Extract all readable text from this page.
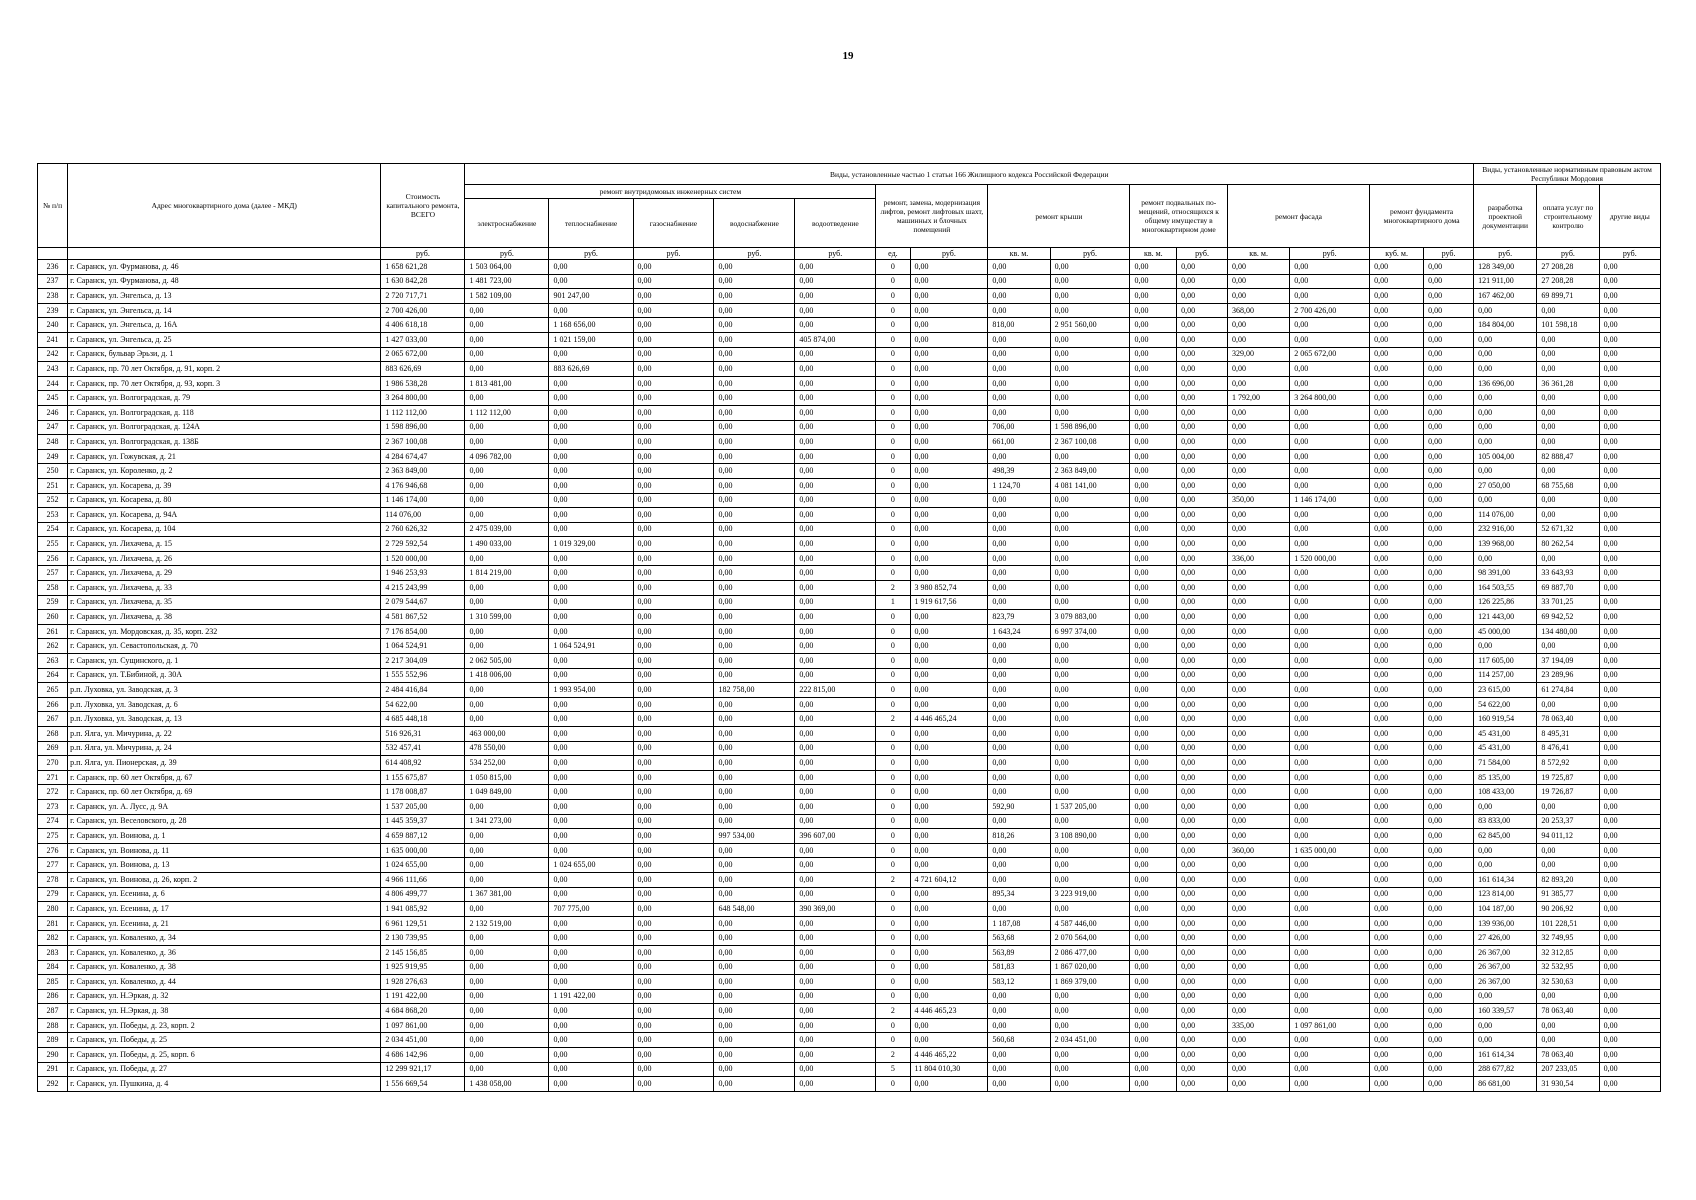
19
№ п/п	Адрес многоквартирного дома (далее - МКД)	Стоимость капитального ремонта, ВСЕГО	Виды, установленные частью 1 статьи 166 Жилищного кодекса Российской Федерации															Виды, установленные нормативным правовым актом Республики Мордовия		
			ремонт внутридомовых инженерных систем					ремонт, замена, модернизация лифтов, ремонт лифтовых шахт, машинных и блочных помещений		ремонт крыши		ремонт подвальных по-мещений, относящихся к общему имуществу в многоквартирном доме		ремонт фасада		ремонт фундамента многоквартирного дома		разработка проектной документации	оплата услуг по строительному контролю	другие виды
			электроснабжение	теплоснабжение	газоснабжение	водоснабжение	водоотведение													
		руб.	руб.	руб.	руб.	руб.	руб.	ед.	руб.	кв. м.	руб.	кв. м.	руб.	кв. м.	руб.	куб. м.	руб.	руб.	руб.	руб.
236	г. Саранск, ул. Фурманова, д. 46	1 658 621,28	1 503 064,00	0,00	0,00	0,00	0,00	0	0,00	0,00	0,00	0,00	0,00	0,00	0,00	0,00	0,00	128 349,00	27 208,28	0,00
237	г. Саранск, ул. Фурманова, д. 48	1 630 842,28	1 481 723,00	0,00	0,00	0,00	0,00	0	0,00	0,00	0,00	0,00	0,00	0,00	0,00	0,00	0,00	121 911,00	27 208,28	0,00
238	г. Саранск, ул. Энгельса, д. 13	2 720 717,71	1 582 109,00	901 247,00	0,00	0,00	0,00	0	0,00	0,00	0,00	0,00	0,00	0,00	0,00	0,00	0,00	167 462,00	69 899,71	0,00
239	г. Саранск, ул. Энгельса, д. 14	2 700 426,00	0,00	0,00	0,00	0,00	0,00	0	0,00	0,00	0,00	0,00	0,00	368,00	2 700 426,00	0,00	0,00	0,00	0,00	0,00
240	г. Саранск, ул. Энгельса, д. 16А	4 406 618,18	0,00	1 168 656,00	0,00	0,00	0,00	0	0,00	818,00	2 951 560,00	0,00	0,00	0,00	0,00	0,00	0,00	184 804,00	101 598,18	0,00
241	г. Саранск, ул. Энгельса, д. 25	1 427 033,00	0,00	1 021 159,00	0,00	0,00	405 874,00	0	0,00	0,00	0,00	0,00	0,00	0,00	0,00	0,00	0,00	0,00	0,00	0,00
242	г. Саранск, бульвар Эрьзи, д. 1	2 065 672,00	0,00	0,00	0,00	0,00	0,00	0	0,00	0,00	0,00	0,00	0,00	329,00	2 065 672,00	0,00	0,00	0,00	0,00	0,00
243	г. Саранск, пр. 70 лет Октября, д. 91, корп. 2	883 626,69	0,00	883 626,69	0,00	0,00	0,00	0	0,00	0,00	0,00	0,00	0,00	0,00	0,00	0,00	0,00	0,00	0,00	0,00
244	г. Саранск, пр. 70 лет Октября, д. 93, корп. 3	1 986 538,28	1 813 481,00	0,00	0,00	0,00	0,00	0	0,00	0,00	0,00	0,00	0,00	0,00	0,00	0,00	0,00	136 696,00	36 361,28	0,00
245	г. Саранск, ул. Волгоградская, д. 79	3 264 800,00	0,00	0,00	0,00	0,00	0,00	0	0,00	0,00	0,00	0,00	0,00	1 792,00	3 264 800,00	0,00	0,00	0,00	0,00	0,00
246	г. Саранск, ул. Волгоградская, д. 118	1 112 112,00	1 112 112,00	0,00	0,00	0,00	0,00	0	0,00	0,00	0,00	0,00	0,00	0,00	0,00	0,00	0,00	0,00	0,00	0,00
247	г. Саранск, ул. Волгоградская, д. 124А	1 598 896,00	0,00	0,00	0,00	0,00	0,00	0	0,00	706,00	1 598 896,00	0,00	0,00	0,00	0,00	0,00	0,00	0,00	0,00	0,00
248	г. Саранск, ул. Волгоградская, д. 138Б	2 367 100,08	0,00	0,00	0,00	0,00	0,00	0	0,00	661,00	2 367 100,08	0,00	0,00	0,00	0,00	0,00	0,00	0,00	0,00	0,00
249	г. Саранск, ул. Гожувская, д. 21	4 284 674,47	4 096 782,00	0,00	0,00	0,00	0,00	0	0,00	0,00	0,00	0,00	0,00	0,00	0,00	0,00	0,00	105 004,00	82 888,47	0,00
250	г. Саранск, ул. Короленко, д. 2	2 363 849,00	0,00	0,00	0,00	0,00	0,00	0	0,00	498,39	2 363 849,00	0,00	0,00	0,00	0,00	0,00	0,00	0,00	0,00	0,00
251	г. Саранск, ул. Косарева, д. 39	4 176 946,68	0,00	0,00	0,00	0,00	0,00	0	0,00	1 124,70	4 081 141,00	0,00	0,00	0,00	0,00	0,00	0,00	27 050,00	68 755,68	0,00
252	г. Саранск, ул. Косарева, д. 80	1 146 174,00	0,00	0,00	0,00	0,00	0,00	0	0,00	0,00	0,00	0,00	0,00	350,00	1 146 174,00	0,00	0,00	0,00	0,00	0,00
253	г. Саранск, ул. Косарева, д. 94А	114 076,00	0,00	0,00	0,00	0,00	0,00	0	0,00	0,00	0,00	0,00	0,00	0,00	0,00	0,00	0,00	114 076,00	0,00	0,00
254	г. Саранск, ул. Косарева, д. 104	2 760 626,32	2 475 039,00	0,00	0,00	0,00	0,00	0	0,00	0,00	0,00	0,00	0,00	0,00	0,00	0,00	0,00	232 916,00	52 671,32	0,00
255	г. Саранск, ул. Лихачева, д. 15	2 729 592,54	1 490 033,00	1 019 329,00	0,00	0,00	0,00	0	0,00	0,00	0,00	0,00	0,00	0,00	0,00	0,00	0,00	139 968,00	80 262,54	0,00
256	г. Саранск, ул. Лихачева, д. 26	1 520 000,00	0,00	0,00	0,00	0,00	0,00	0	0,00	0,00	0,00	0,00	0,00	336,00	1 520 000,00	0,00	0,00	0,00	0,00	0,00
257	г. Саранск, ул. Лихачева, д. 29	1 946 253,93	1 814 219,00	0,00	0,00	0,00	0,00	0	0,00	0,00	0,00	0,00	0,00	0,00	0,00	0,00	0,00	98 391,00	33 643,93	0,00
258	г. Саранск, ул. Лихачева, д. 33	4 215 243,99	0,00	0,00	0,00	0,00	0,00	2	3 980 852,74	0,00	0,00	0,00	0,00	0,00	0,00	0,00	0,00	164 503,55	69 887,70	0,00
259	г. Саранск, ул. Лихачева, д. 35	2 079 544,67	0,00	0,00	0,00	0,00	0,00	1	1 919 617,56	0,00	0,00	0,00	0,00	0,00	0,00	0,00	0,00	126 225,86	33 701,25	0,00
260	г. Саранск, ул. Лихачева, д. 38	4 581 867,52	1 310 599,00	0,00	0,00	0,00	0,00	0	0,00	823,79	3 079 883,00	0,00	0,00	0,00	0,00	0,00	0,00	121 443,00	69 942,52	0,00
261	г. Саранск, ул. Мордовская, д. 35, корп. 232	7 176 854,00	0,00	0,00	0,00	0,00	0,00	0	0,00	1 643,24	6 997 374,00	0,00	0,00	0,00	0,00	0,00	0,00	45 000,00	134 480,00	0,00
262	г. Саранск, ул. Севастопольская, д. 70	1 064 524,91	0,00	1 064 524,91	0,00	0,00	0,00	0	0,00	0,00	0,00	0,00	0,00	0,00	0,00	0,00	0,00	0,00	0,00	0,00
263	г. Саранск, ул. Сущинского, д. 1	2 217 304,09	2 062 505,00	0,00	0,00	0,00	0,00	0	0,00	0,00	0,00	0,00	0,00	0,00	0,00	0,00	0,00	117 605,00	37 194,09	0,00
264	г. Саранск, ул. Т.Бибиной, д. 30А	1 555 552,96	1 418 006,00	0,00	0,00	0,00	0,00	0	0,00	0,00	0,00	0,00	0,00	0,00	0,00	0,00	0,00	114 257,00	23 289,96	0,00
265	р.п. Луховка, ул. Заводская, д. 3	2 484 416,84	0,00	1 993 954,00	0,00	182 758,00	222 815,00	0	0,00	0,00	0,00	0,00	0,00	0,00	0,00	0,00	0,00	23 615,00	61 274,84	0,00
266	р.п. Луховка, ул. Заводская, д. 6	54 622,00	0,00	0,00	0,00	0,00	0,00	0	0,00	0,00	0,00	0,00	0,00	0,00	0,00	0,00	0,00	54 622,00	0,00	0,00
267	р.п. Луховка, ул. Заводская, д. 13	4 685 448,18	0,00	0,00	0,00	0,00	0,00	2	4 446 465,24	0,00	0,00	0,00	0,00	0,00	0,00	0,00	0,00	160 919,54	78 063,40	0,00
268	р.п. Ялга, ул. Мичурина, д. 22	516 926,31	463 000,00	0,00	0,00	0,00	0,00	0	0,00	0,00	0,00	0,00	0,00	0,00	0,00	0,00	0,00	45 431,00	8 495,31	0,00
269	р.п. Ялга, ул. Мичурина, д. 24	532 457,41	478 550,00	0,00	0,00	0,00	0,00	0	0,00	0,00	0,00	0,00	0,00	0,00	0,00	0,00	0,00	45 431,00	8 476,41	0,00
270	р.п. Ялга, ул. Пионерская, д. 39	614 408,92	534 252,00	0,00	0,00	0,00	0,00	0	0,00	0,00	0,00	0,00	0,00	0,00	0,00	0,00	0,00	71 584,00	8 572,92	0,00
271	г. Саранск, пр. 60 лет Октября, д. 67	1 155 675,87	1 050 815,00	0,00	0,00	0,00	0,00	0	0,00	0,00	0,00	0,00	0,00	0,00	0,00	0,00	0,00	85 135,00	19 725,87	0,00
272	г. Саранск, пр. 60 лет Октября, д. 69	1 178 008,87	1 049 849,00	0,00	0,00	0,00	0,00	0	0,00	0,00	0,00	0,00	0,00	0,00	0,00	0,00	0,00	108 433,00	19 726,87	0,00
273	г. Саранск, ул. А. Лусс, д. 9А	1 537 205,00	0,00	0,00	0,00	0,00	0,00	0	0,00	592,90	1 537 205,00	0,00	0,00	0,00	0,00	0,00	0,00	0,00	0,00	0,00
274	г. Саранск, ул. Веселовского, д. 28	1 445 359,37	1 341 273,00	0,00	0,00	0,00	0,00	0	0,00	0,00	0,00	0,00	0,00	0,00	0,00	0,00	0,00	83 833,00	20 253,37	0,00
275	г. Саранск, ул. Воинова, д. 1	4 659 887,12	0,00	0,00	0,00	997 534,00	396 607,00	0	0,00	818,26	3 108 890,00	0,00	0,00	0,00	0,00	0,00	0,00	62 845,00	94 011,12	0,00
276	г. Саранск, ул. Воинова, д. 11	1 635 000,00	0,00	0,00	0,00	0,00	0,00	0	0,00	0,00	0,00	0,00	0,00	360,00	1 635 000,00	0,00	0,00	0,00	0,00	0,00
277	г. Саранск, ул. Воинова, д. 13	1 024 655,00	0,00	1 024 655,00	0,00	0,00	0,00	0	0,00	0,00	0,00	0,00	0,00	0,00	0,00	0,00	0,00	0,00	0,00	0,00
278	г. Саранск, ул. Воинова, д. 26, корп. 2	4 966 111,66	0,00	0,00	0,00	0,00	0,00	2	4 721 604,12	0,00	0,00	0,00	0,00	0,00	0,00	0,00	0,00	161 614,34	82 893,20	0,00
279	г. Саранск, ул. Есенина, д. 6	4 806 499,77	1 367 381,00	0,00	0,00	0,00	0,00	0	0,00	895,34	3 223 919,00	0,00	0,00	0,00	0,00	0,00	0,00	123 814,00	91 385,77	0,00
280	г. Саранск, ул. Есенина, д. 17	1 941 085,92	0,00	707 775,00	0,00	648 548,00	390 369,00	0	0,00	0,00	0,00	0,00	0,00	0,00	0,00	0,00	0,00	104 187,00	90 206,92	0,00
281	г. Саранск, ул. Есенина, д. 21	6 961 129,51	2 132 519,00	0,00	0,00	0,00	0,00	0	0,00	1 187,08	4 587 446,00	0,00	0,00	0,00	0,00	0,00	0,00	139 936,00	101 228,51	0,00
282	г. Саранск, ул. Коваленко, д. 34	2 130 739,95	0,00	0,00	0,00	0,00	0,00	0	0,00	563,68	2 070 564,00	0,00	0,00	0,00	0,00	0,00	0,00	27 426,00	32 749,95	0,00
283	г. Саранск, ул. Коваленко, д. 36	2 145 156,85	0,00	0,00	0,00	0,00	0,00	0	0,00	563,89	2 086 477,00	0,00	0,00	0,00	0,00	0,00	0,00	26 367,00	32 312,85	0,00
284	г. Саранск, ул. Коваленко, д. 38	1 925 919,95	0,00	0,00	0,00	0,00	0,00	0	0,00	581,83	1 867 020,00	0,00	0,00	0,00	0,00	0,00	0,00	26 367,00	32 532,95	0,00
285	г. Саранск, ул. Коваленко, д. 44	1 928 276,63	0,00	0,00	0,00	0,00	0,00	0	0,00	583,12	1 869 379,00	0,00	0,00	0,00	0,00	0,00	0,00	26 367,00	32 530,63	0,00
286	г. Саранск, ул. Н.Эркая, д. 32	1 191 422,00	0,00	1 191 422,00	0,00	0,00	0,00	0	0,00	0,00	0,00	0,00	0,00	0,00	0,00	0,00	0,00	0,00	0,00	0,00
287	г. Саранск, ул. Н.Эркая, д. 38	4 684 868,20	0,00	0,00	0,00	0,00	0,00	2	4 446 465,23	0,00	0,00	0,00	0,00	0,00	0,00	0,00	0,00	160 339,57	78 063,40	0,00
288	г. Саранск, ул. Победы, д. 23, корп. 2	1 097 861,00	0,00	0,00	0,00	0,00	0,00	0	0,00	0,00	0,00	0,00	0,00	335,00	1 097 861,00	0,00	0,00	0,00	0,00	0,00
289	г. Саранск, ул. Победы, д. 25	2 034 451,00	0,00	0,00	0,00	0,00	0,00	0	0,00	560,68	2 034 451,00	0,00	0,00	0,00	0,00	0,00	0,00	0,00	0,00	0,00
290	г. Саранск, ул. Победы, д. 25, корп. 6	4 686 142,96	0,00	0,00	0,00	0,00	0,00	2	4 446 465,22	0,00	0,00	0,00	0,00	0,00	0,00	0,00	0,00	161 614,34	78 063,40	0,00
291	г. Саранск, ул. Победы, д. 27	12 299 921,17	0,00	0,00	0,00	0,00	0,00	5	11 804 010,30	0,00	0,00	0,00	0,00	0,00	0,00	0,00	0,00	288 677,82	207 233,05	0,00
292	г. Саранск, ул. Пушкина, д. 4	1 556 669,54	1 438 058,00	0,00	0,00	0,00	0,00	0	0,00	0,00	0,00	0,00	0,00	0,00	0,00	0,00	0,00	86 681,00	31 930,54	0,00
